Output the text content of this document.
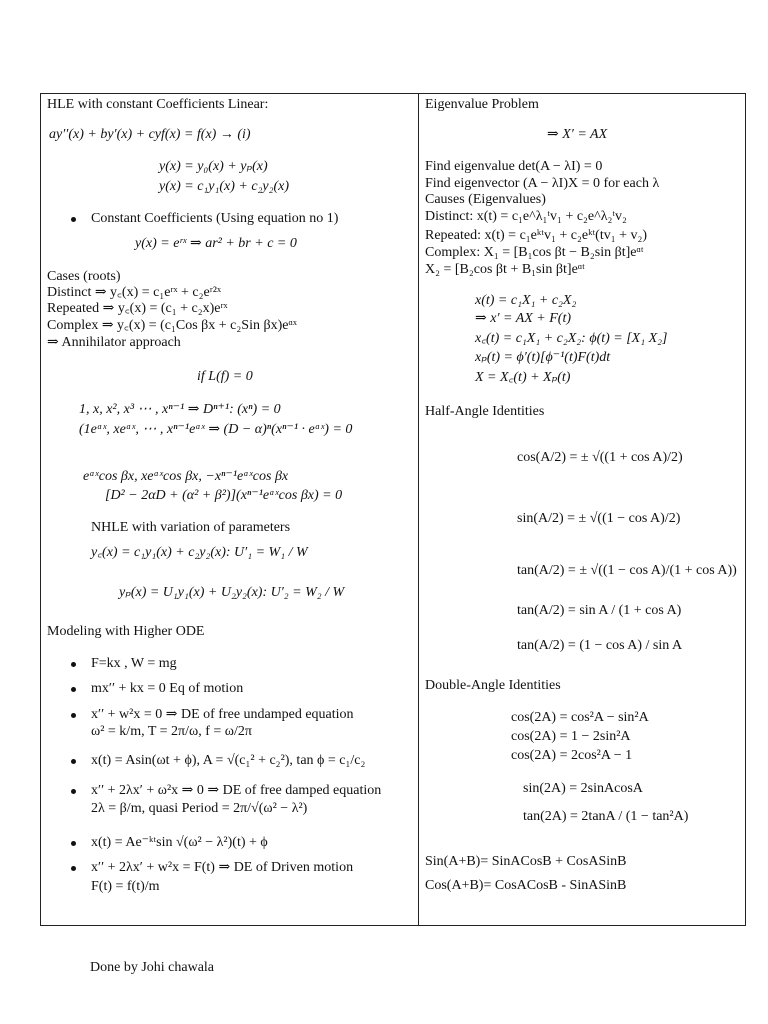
HLE with constant Coefficients Linear:
ay′′(x) + by′(x) + cyf(x) = f(x) → (i)
y(x) = y₀(x) + yₚ(x)
y(x) = c₁y₁(x) + c₂y₂(x)
Constant Coefficients (Using equation no 1)
y(x) = eʳˣ ⇒ ar² + br + c = 0
Cases (roots)
Distinct ⇒ y꜀(x) = c₁eʳˣ + c₂eʳ²ˣ
Repeated ⇒ y꜀(x) = (c₁ + c₂x)eʳˣ
Complex ⇒ y꜀(x) = (c₁Cos βx + c₂Sin βx)eᵅˣ
⇒ Annihilator approach
if L(f) = 0
1, x, x², x³ ⋯ , xⁿ⁻¹ ⇒ Dⁿ⁺¹: (xⁿ) = 0
(1eᵅˣ, xeᵅˣ, ⋯ , xⁿ⁻¹eᵅˣ ⇒ (D − α)ⁿ(xⁿ⁻¹ · eᵅˣ) = 0
eᵅˣcos βx, xeᵅˣcos βx, −xⁿ⁻¹eᵅˣcos βx
[D² − 2αD + (α² + β²)](xⁿ⁻¹eᵅˣcos βx) = 0
NHLE with variation of parameters
y꜀(x) = c₁y₁(x) + c₂y₂(x): U′₁ = W₁ / W
yₚ(x) = U₁y₁(x) + U₂y₂(x): U′₂ = W₂ / W
Modeling with Higher ODE
F=kx , W = mg
mx′′ + kx = 0 Eq of motion
x′′ + w²x = 0 ⇒ DE of free undamped equation
ω² = k/m, T = 2π/ω, f = ω/2π
x(t) = Asin(ωt + ϕ), A = √(c₁² + c₂²), tan ϕ = c₁/c₂
x′′ + 2λx′ + ω²x ⇒ 0 ⇒ DE of free damped equation
2λ = β/m, quasi Period = 2π/√(ω² − λ²)
x(t) = Ae⁻ᵏᵗsin √(ω² − λ²)(t) + ϕ
x′′ + 2λx′ + w²x = F(t) ⇒ DE of Driven motion
F(t) = f(t)/m
Eigenvalue Problem
⇒ X′ = AX
Find eigenvalue det(A − λI) = 0
Find eigenvector (A − λI)X = 0 for each λ
Causes (Eigenvalues)
Distinct: x(t) = c₁e^λ₁ᵗv₁ + c₂e^λ₂ᵗv₂
Repeated: x(t) = c₁eᵏᵗv₁ + c₂eᵏᵗ(tv₁ + v₂)
Complex: X₁ = [B₁cos βt − B₂sin βt]eᵅᵗ
X₂ = [B₂cos βt + B₁sin βt]eᵅᵗ
x(t) = c₁X₁ + c₂X₂
⇒ x′ = AX + F(t)
x꜀(t) = c₁X₁ + c₂X₂: ϕ(t) = [X₁ X₂]
xₚ(t) = ϕ′(t)[ϕ⁻¹(t)F(t)dt
X = X꜀(t) + Xₚ(t)
Half-Angle Identities
cos(A/2) = ± √((1 + cos A)/2)
sin(A/2) = ± √((1 − cos A)/2)
tan(A/2) = ± √((1 − cos A)/(1 + cos A))
tan(A/2) = sin A / (1 + cos A)
tan(A/2) = (1 − cos A) / sin A
Double-Angle Identities
cos(2A) = cos²A − sin²A
cos(2A) = 1 − 2sin²A
cos(2A) = 2cos²A − 1
sin(2A) = 2sinAcosA
tan(2A) = 2tanA / (1 − tan²A)
Sin(A+B)= SinACosB + CosASinB
Cos(A+B)= CosACosB - SinASinB
Done by Johi chawala
